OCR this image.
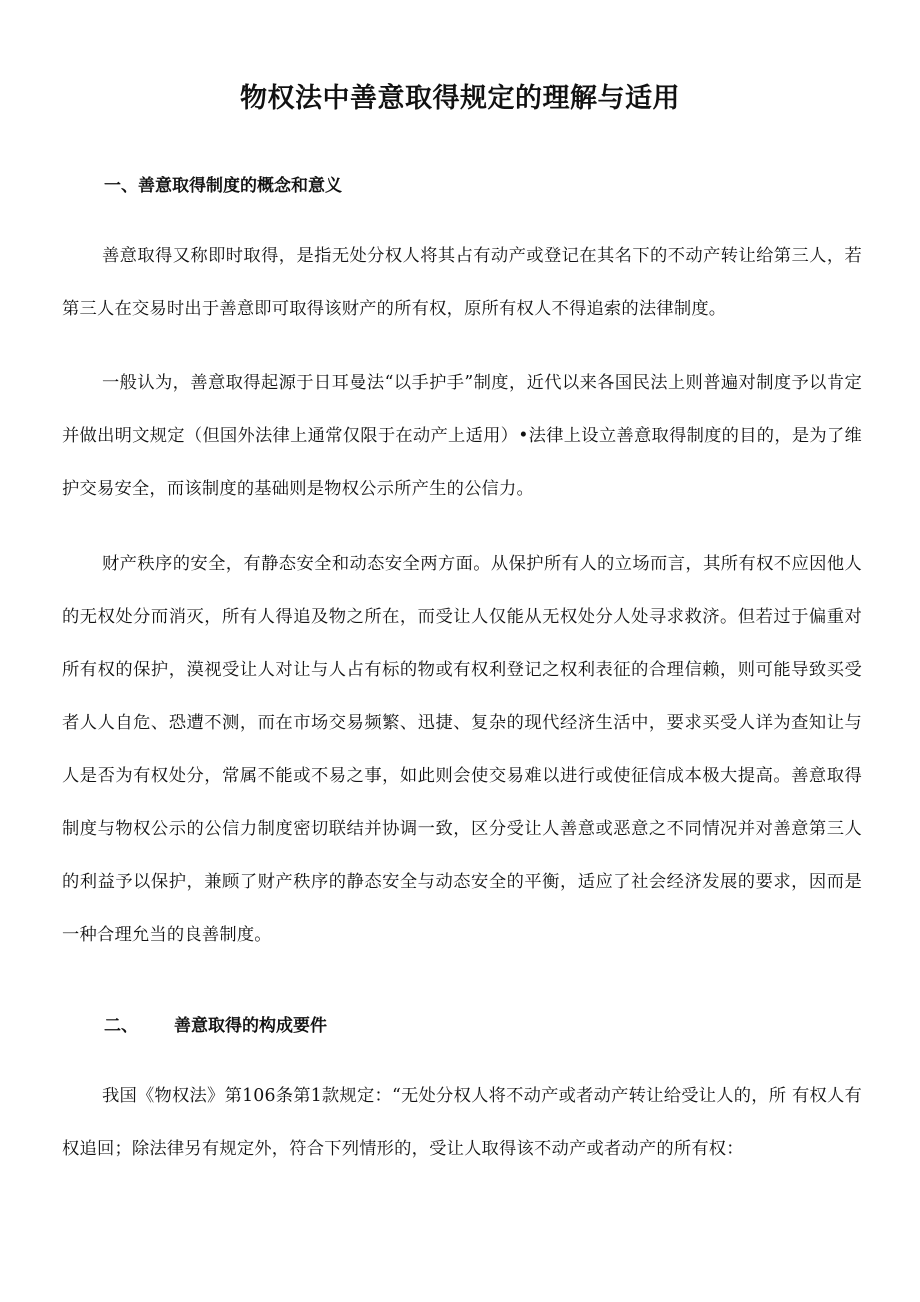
物权法中善意取得规定的理解与适用
一、善意取得制度的概念和意义

善意取得又称即时取得，是指无处分权人将其占有动产或登记在其名下的不动产转让给第三人，若第三人在交易时出于善意即可取得该财产的所有权，原所有权人不得追索的法律制度。

一般认为，善意取得起源于日耳曼法“以手护手”制度，近代以来各国民法上则普遍对制度予以肯定并做出明文规定（但国外法律上通常仅限于在动产上适用）•法律上设立善意取得制度的目的，是为了维护交易安全，而该制度的基础则是物权公示所产生的公信力。

财产秩序的安全，有静态安全和动态安全两方面。从保护所有人的立场而言，其所有权不应因他人的无权处分而消灭，所有人得追及物之所在，而受让人仅能从无权处分人处寻求救济。但若过于偏重对所有权的保护，漠视受让人对让与人占有标的物或有权利登记之权利表征的合理信赖，则可能导致买受者人人自危、恐遭不测，而在市场交易频繁、迅捷、复杂的现代经济生活中，要求买受人详为查知让与人是否为有权处分，常属不能或不易之事，如此则会使交易难以进行或使征信成本极大提高。善意取得制度与物权公示的公信力制度密切联结并协调一致，区分受让人善意或恶意之不同情况并对善意第三人的利益予以保护，兼顾了财产秩序的静态安全与动态安全的平衡，适应了社会经济发展的要求，因而是一种合理允当的良善制度。

二、 善意取得的构成要件

我国《物权法》第106条第1款规定：“无处分权人将不动产或者动产转让给受让人的，所 有权人有权追回；除法律另有规定外，符合下列情形的，受让人取得该不动产或者动产的所有权：
